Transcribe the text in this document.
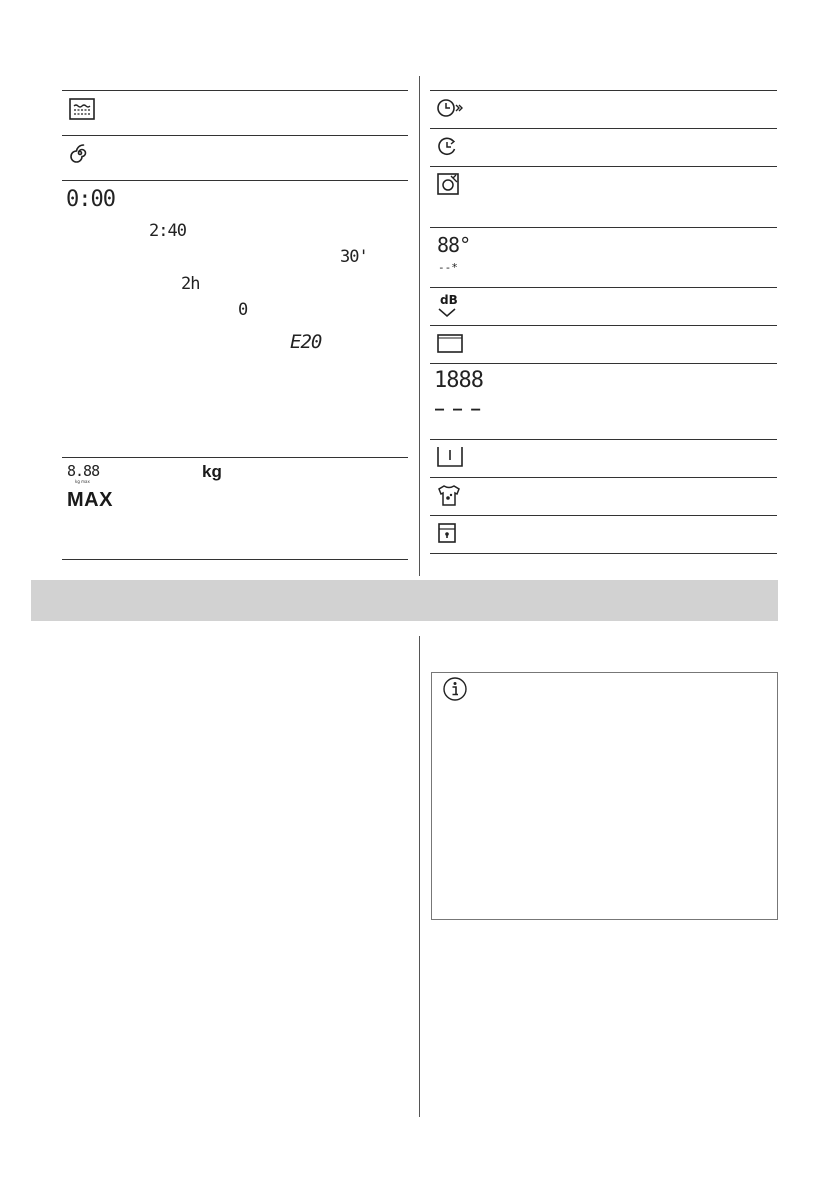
0:00
2:40
30'
2h
0
E20
8.88
kg max
kg
MAX
88°
--*
dB
1888
– – –
